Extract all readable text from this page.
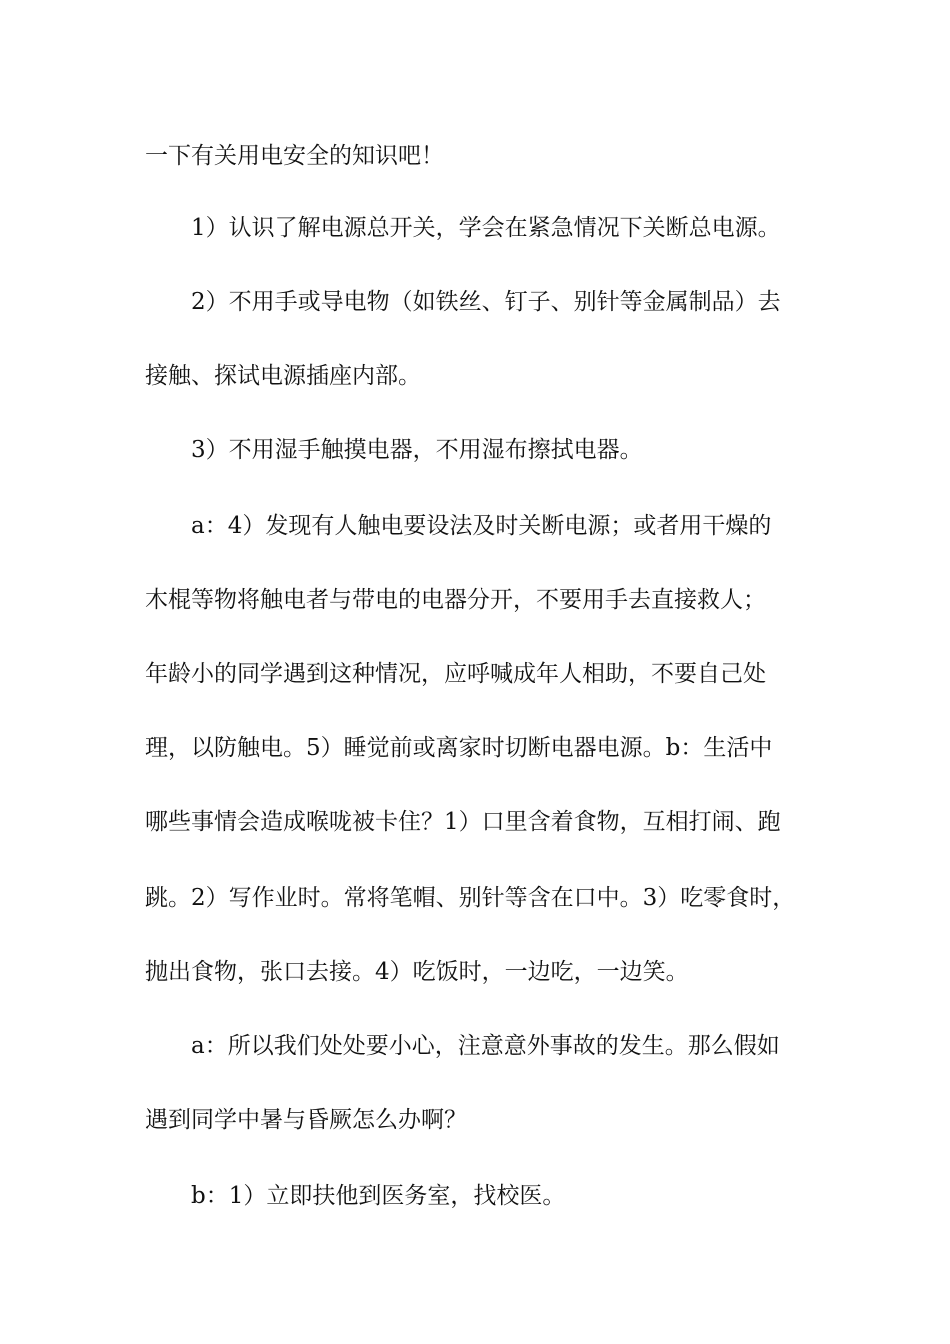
一下有关用电安全的知识吧！
1）认识了解电源总开关，学会在紧急情况下关断总电源。
2）不用手或导电物（如铁丝、钉子、别针等金属制品）去
接触、探试电源插座内部。
3）不用湿手触摸电器，不用湿布擦拭电器。
a：4）发现有人触电要设法及时关断电源；或者用干燥的
木棍等物将触电者与带电的电器分开，不要用手去直接救人；
年龄小的同学遇到这种情况，应呼喊成年人相助，不要自己处
理，以防触电。5）睡觉前或离家时切断电器电源。b：生活中
哪些事情会造成喉咙被卡住？1）口里含着食物，互相打闹、跑
跳。2）写作业时。常将笔帽、别针等含在口中。3）吃零食时，
抛出食物，张口去接。4）吃饭时，一边吃，一边笑。
a：所以我们处处要小心，注意意外事故的发生。那么假如
遇到同学中暑与昏厥怎么办啊？
b：1）立即扶他到医务室，找校医。
